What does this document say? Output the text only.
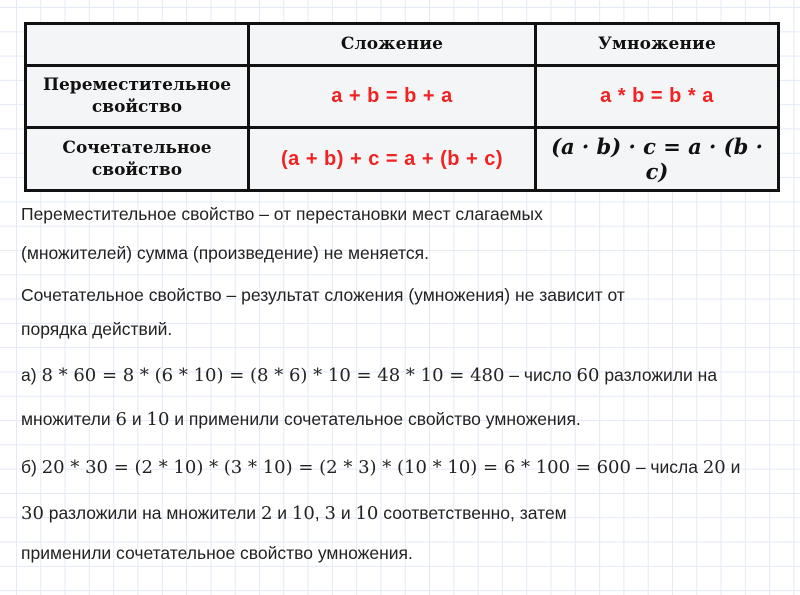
	Сложение	Умножение

Переместительное
свойство	a + b = b + a	a * b = b * a

Сочетательное
свойство	(a + b) + c = a + (b + c)	(a · b) · c = a · (b · c)
Переместительное свойство – от перестановки мест слагаемых
(множителей) сумма (произведение) не меняется.
Сочетательное свойство – результат сложения (умножения) не зависит от
порядка действий.
а) 8 * 60 = 8 * (6 * 10) = (8 * 6) * 10 = 48 * 10 = 480 – число 60 разложили на
множители 6 и 10 и применили сочетательное свойство умножения.
б) 20 * 30 = (2 * 10) * (3 * 10) = (2 * 3) * (10 * 10) = 6 * 100 = 600 – числа 20 и
30 разложили на множители 2 и 10, 3 и 10 соответственно, затем
применили сочетательное свойство умножения.
